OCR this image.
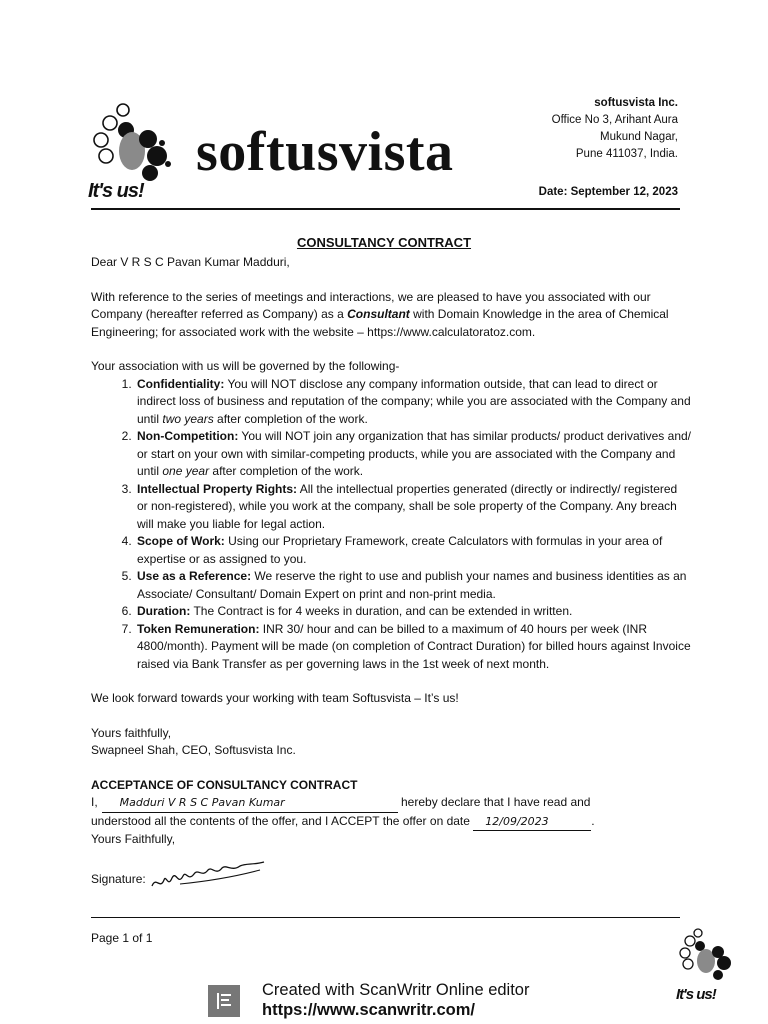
It's us!
softusvista
softusvista Inc.
Office No 3, Arihant Aura
Mukund Nagar,
Pune 411037, India.
Date: September 12, 2023
CONSULTANCY CONTRACT

Dear V R S C Pavan Kumar Madduri,

With reference to the series of meetings and interactions, we are pleased to have you associated with our Company (hereafter referred as Company) as a Consultant with Domain Knowledge in the area of Chemical Engineering; for associated work with the website – https://www.calculatoratoz.com.

Your association with us will be governed by the following-

1. Confidentiality: You will NOT disclose any company information outside, that can lead to direct or indirect loss of business and reputation of the company; while you are associated with the Company and until two years after completion of the work.
2. Non-Competition: You will NOT join any organization that has similar products/ product derivatives and/ or start on your own with similar-competing products, while you are associated with the Company and until one year after completion of the work.
3. Intellectual Property Rights: All the intellectual properties generated (directly or indirectly/ registered or non-registered), while you work at the company, shall be sole property of the Company. Any breach will make you liable for legal action.
4. Scope of Work: Using our Proprietary Framework, create Calculators with formulas in your area of expertise or as assigned to you.
5. Use as a Reference: We reserve the right to use and publish your names and business identities as an Associate/ Consultant/ Domain Expert on print and non-print media.
6. Duration: The Contract is for 4 weeks in duration, and can be extended in written.
7. Token Remuneration: INR 30/ hour and can be billed to a maximum of 40 hours per week (INR 4800/month). Payment will be made (on completion of Contract Duration) for billed hours against Invoice raised via Bank Transfer as per governing laws in the 1st week of next month.

We look forward towards your working with team Softusvista – It’s us!

Yours faithfully,

Swapneel Shah, CEO, Softusvista Inc.

ACCEPTANCE OF CONSULTANCY CONTRACT

I, Madduri V R S C Pavan Kumar	hereby declare that I have read and

understood all the contents of the offer, and I ACCEPT the offer on date 12/09/2023	.

Yours Faithfully,

Signature:
Page 1 of 1
It's us!
Created with ScanWritr Online editor
https://www.scanwritr.com/
